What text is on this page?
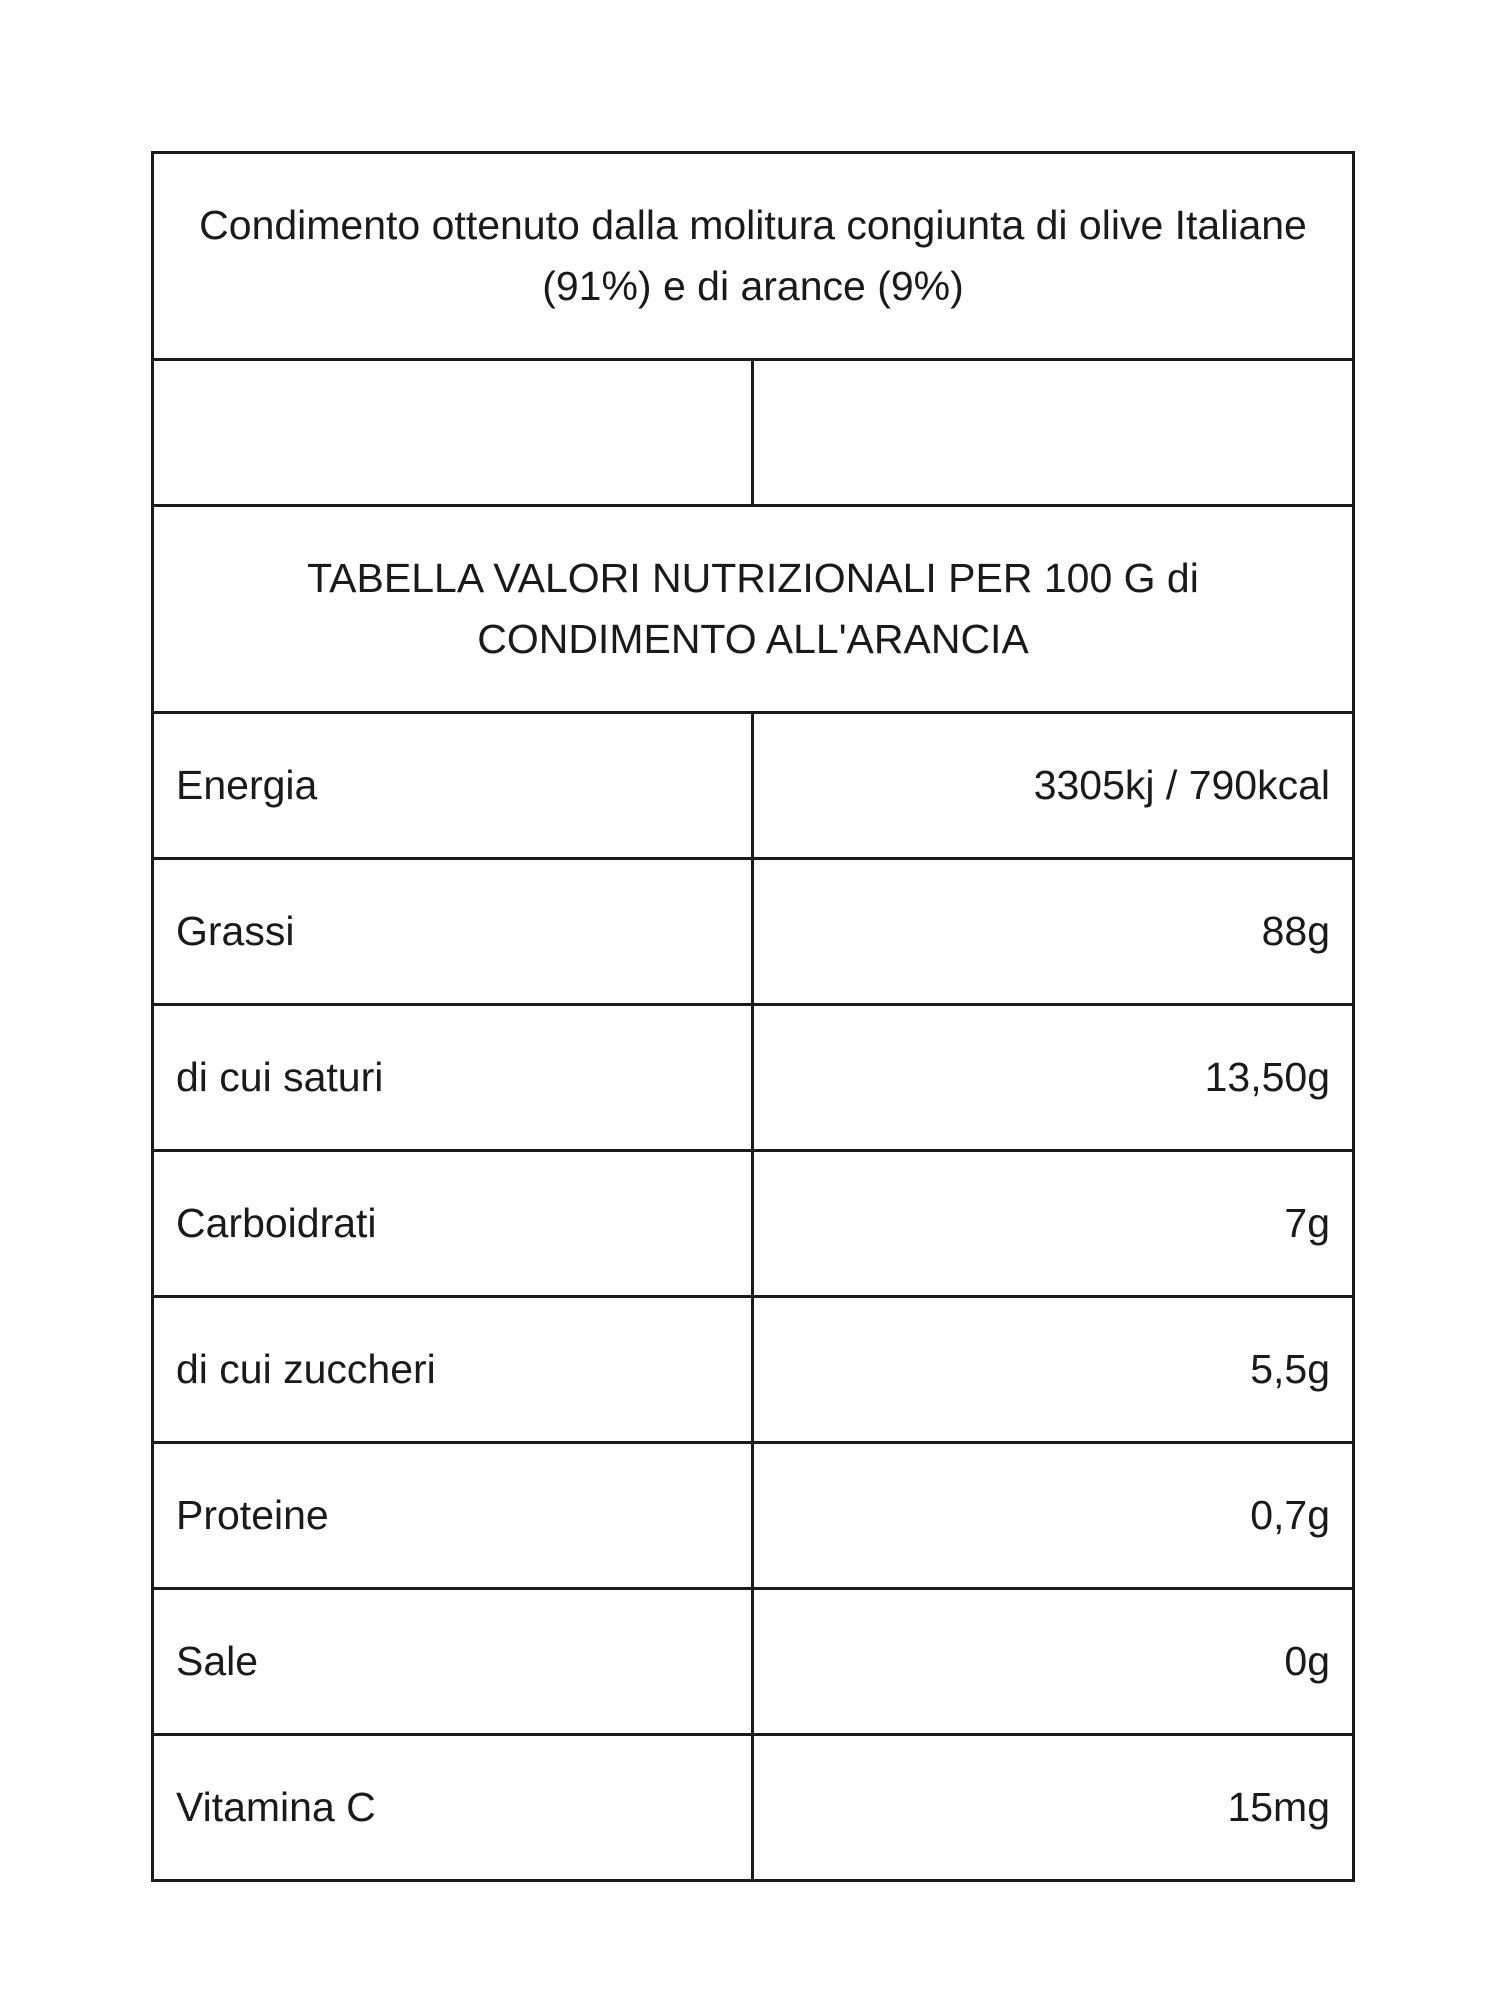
Condimento ottenuto dalla molitura congiunta di olive Italiane (91%) e di arance (9%)	

TABELLA VALORI NUTRIZIONALI PER 100 G di CONDIMENTO ALL'ARANCIA	
Energia	3305kj / 790kcal
Grassi	88g
di cui saturi	13,50g
Carboidrati	7g
di cui zuccheri	5,5g
Proteine	0,7g
Sale	0g
Vitamina C	15mg
